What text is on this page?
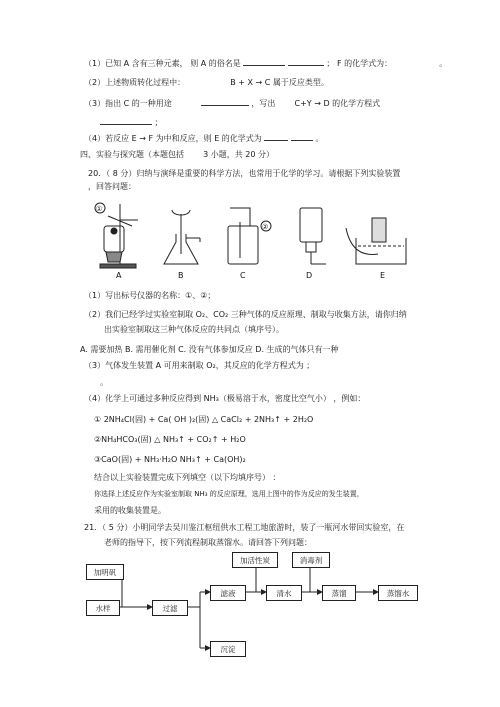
（1）已知 A 含有三种元素， 则 A 的俗名是	； F 的化学式为：	。
（2）上述物质转化过程中：	B + X → C 属于反应类型。
（3）指出 C 的一种用途	，写出 C+Y → D 的化学方程式
；
（4）若反应 E → F 为中和反应，则 E 的化学式为	。
四、实验与探究题（本题包括 3 小题，共 20 分）
20．（ 8 分）归纳与演绎是重要的科学方法，也常用于化学的学习。请根据下列实验装置
，回答问题：
①
A	B
②
C	D	E
（1）写出标号仪器的名称：①、②；
（2）我们已经学过实验室制取 O₂、CO₂ 三种气体的反应原理、制取与收集方法，请你归纳
出实验室制取这三种气体反应的共同点（填序号）。
A. 需要加热 B. 需用催化剂 C. 没有气体参加反应 D. 生成的气体只有一种
（3）气体发生装置 A 可用来制取 O₂，其反应的化学方程式为 ；
。
（4）化学上可通过多种反应得到 NH₃（极易溶于水，密度比空气小） ，例如：
① 2NH₄Cl(固) + Ca( OH )₂(固) △ CaCl₂ + 2NH₃↑ + 2H₂O
②NH₄HCO₃(固) △ NH₃↑ + CO₂↑ + H₂O
③CaO(固) + NH₃·H₂O NH₃↑ + Ca(OH)₂
结合以上实验装置完成下列填空（以下均填序号） ：
你选择上述反应作为实验室制取 NH₃ 的反应原理，选用上图中的作为反应的发生装置，
采用的收集装置是。
21．（ 5 分）小明同学去吴川鉴江枢纽供水工程工地旅游时，装了一瓶河水带回实验室，在
老师的指导下，按下列流程制取蒸馏水。请回答下列问题：
加明矾
水样	过滤
滤液
沉淀
加活性炭
清水
消毒剂
蒸馏	蒸馏水
